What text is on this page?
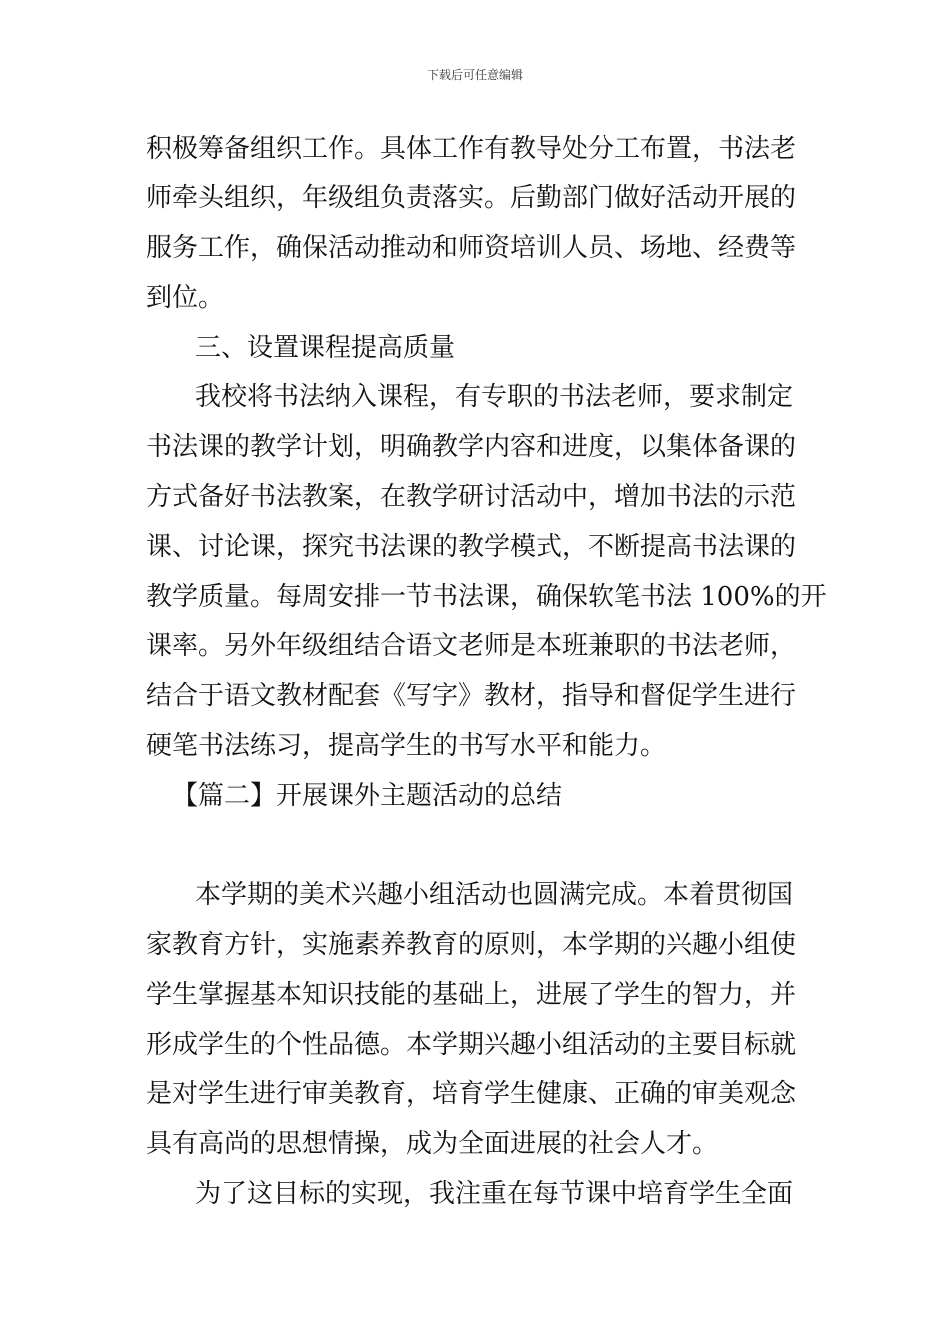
下载后可任意编辑
积极筹备组织工作。具体工作有教导处分工布置，书法老
师牵头组织，年级组负责落实。后勤部门做好活动开展的
服务工作，确保活动推动和师资培训人员、场地、经费等
到位。
三、设置课程提高质量
我校将书法纳入课程，有专职的书法老师，要求制定
书法课的教学计划，明确教学内容和进度，以集体备课的
方式备好书法教案，在教学研讨活动中，增加书法的示范
课、讨论课，探究书法课的教学模式，不断提高书法课的
教学质量。每周安排一节书法课，确保软笔书法 100%的开
课率。另外年级组结合语文老师是本班兼职的书法老师，
结合于语文教材配套《写字》教材，指导和督促学生进行
硬笔书法练习，提高学生的书写水平和能力。
【篇二】开展课外主题活动的总结
本学期的美术兴趣小组活动也圆满完成。本着贯彻国
家教育方针，实施素养教育的原则，本学期的兴趣小组使
学生掌握基本知识技能的基础上，进展了学生的智力，并
形成学生的个性品德。本学期兴趣小组活动的主要目标就
是对学生进行审美教育，培育学生健康、正确的审美观念
具有高尚的思想情操，成为全面进展的社会人才。
为了这目标的实现，我注重在每节课中培育学生全面
